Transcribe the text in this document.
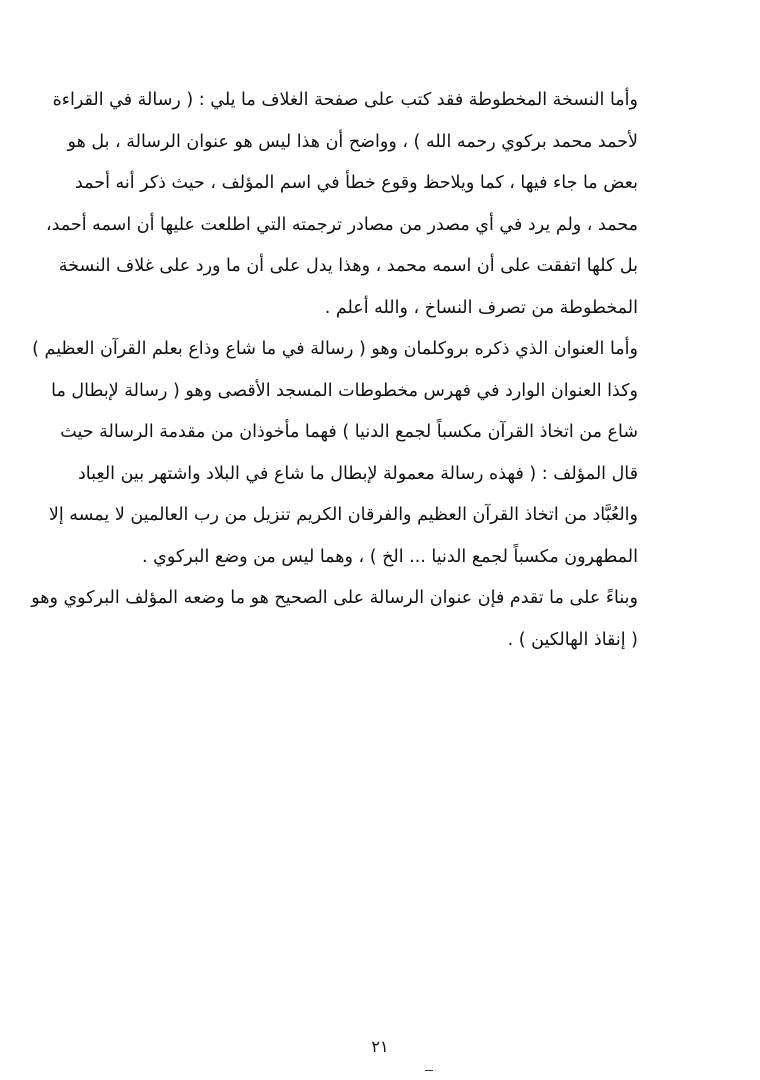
وأما النسخة المخطوطة فقد كتب على صفحة الغلاف ما يلي : ( رسالة في القراءة
لأحمد محمد بركوي رحمه الله ) ، وواضح أن هذا ليس هو عنوان الرسالة ، بل هو
بعض ما جاء فيها ، كما ويلاحظ وقوع خطأ في اسم المؤلف ، حيث ذكر أنه أحمد
محمد ، ولم يرد في أي مصدر من مصادر ترجمته التي اطلعت عليها أن اسمه أحمد،
بل كلها اتفقت على أن اسمه محمد ، وهذا يدل على أن ما ورد على غلاف النسخة
المخطوطة من تصرف النساخ ، والله أعلم .
وأما العنوان الذي ذكره بروكلمان وهو ( رسالة في ما شاع وذاع بعلم القرآن العظيم )
وكذا العنوان الوارد في فهرس مخطوطات المسجد الأقصى وهو ( رسالة لإبطال ما
شاع من اتخاذ القرآن مكسباً لجمع الدنيا ) فهما مأخوذان من مقدمة الرسالة حيث
قال المؤلف : ( فهذه رسالة معمولة لإبطال ما شاع في البلاد واشتهر بين العِباد
والعُبَّاد من اتخاذ القرآن العظيم والفرقان الكريم تنزيل من رب العالمين لا يمسه إلا
المطهرون مكسباً لجمع الدنيا ... الخ ) ، وهما ليس من وضع البركوي .
وبناءً على ما تقدم فإن عنوان الرسالة على الصحيح هو ما وضعه المؤلف البركوي وهو
( إنقاذ الهالكين ) .
٢١
